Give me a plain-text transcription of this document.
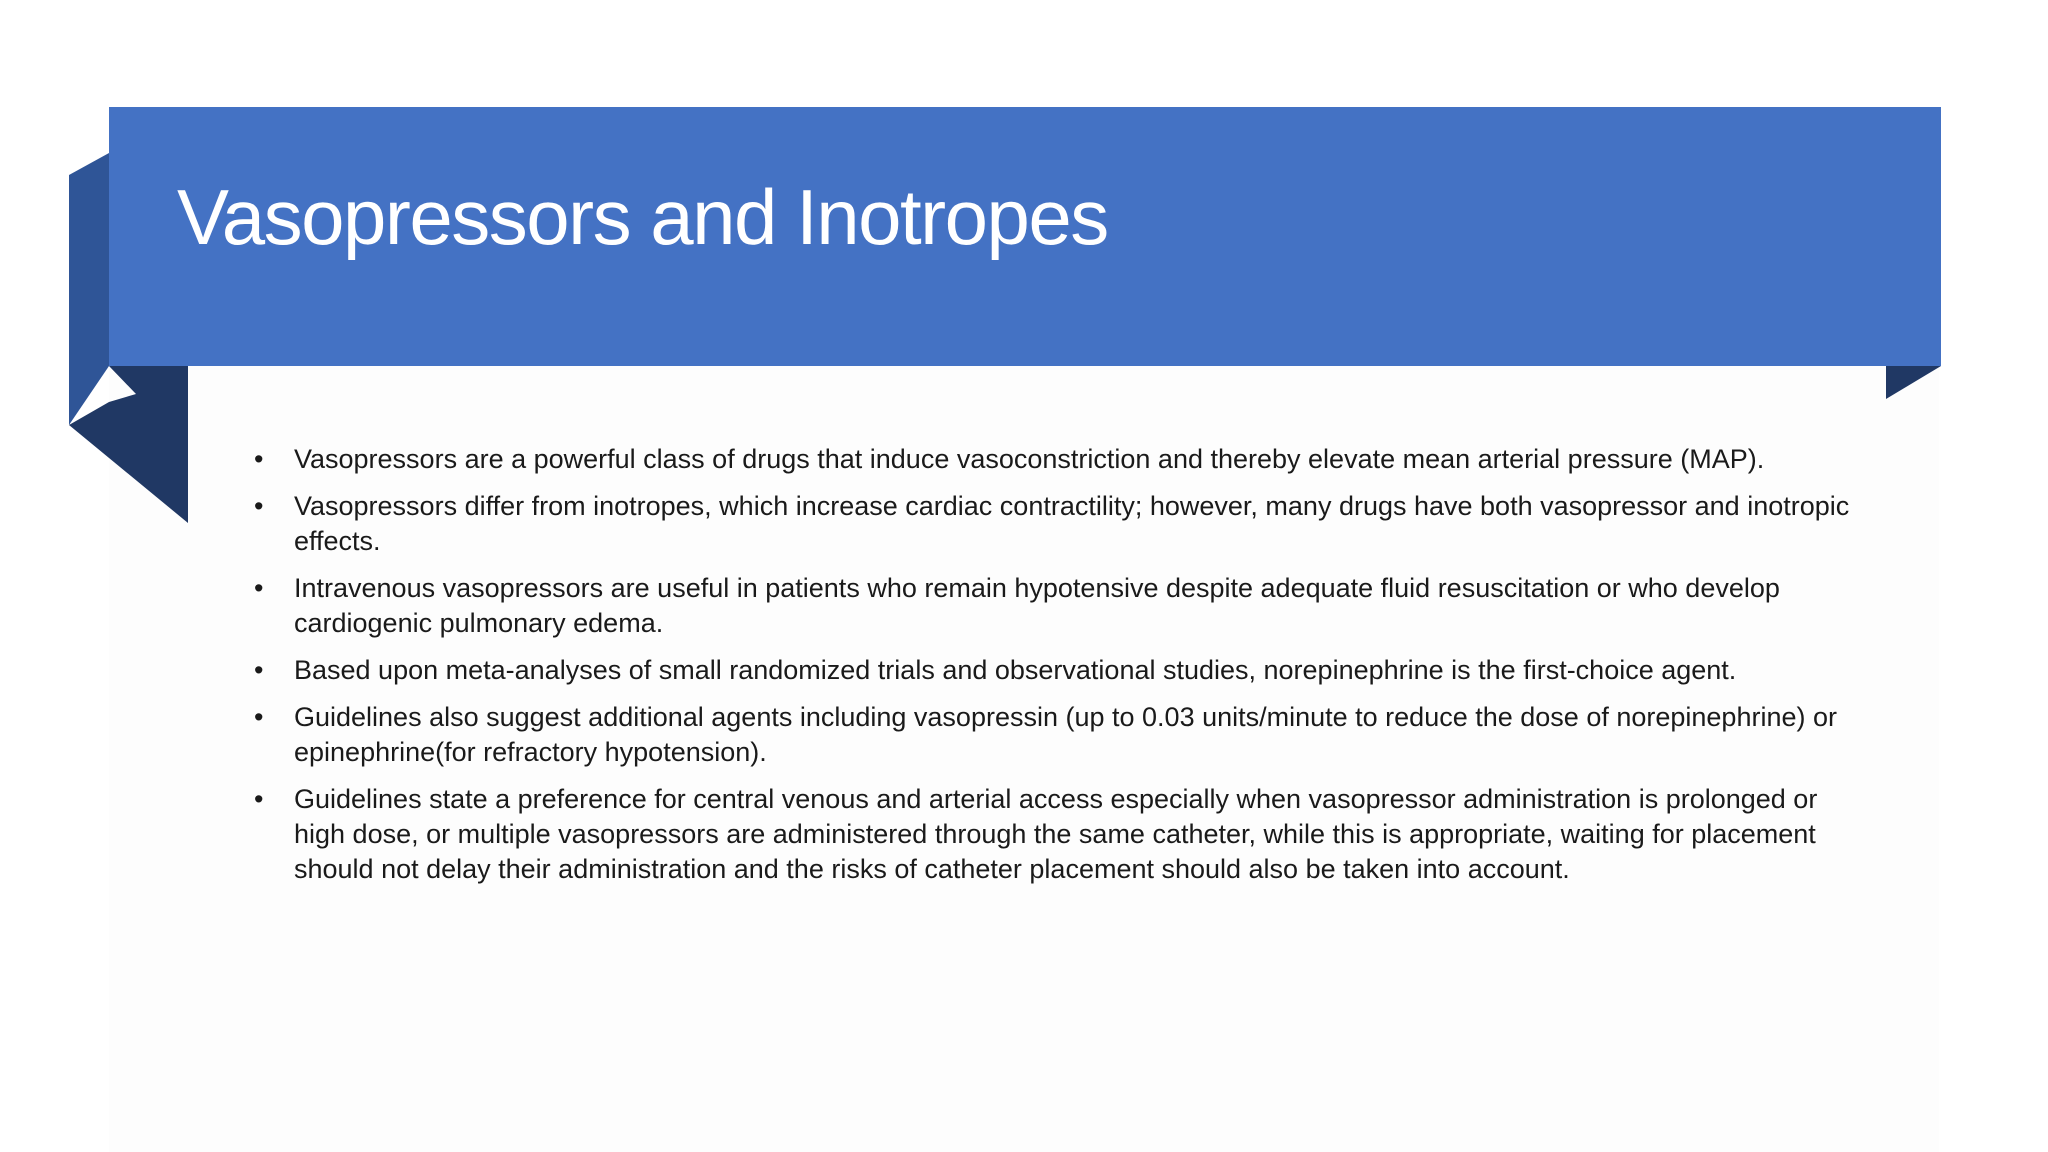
Vasopressors and Inotropes
• Vasopressors are a powerful class of drugs that induce vasoconstriction and thereby elevate mean arterial pressure (MAP).
• Vasopressors differ from inotropes, which increase cardiac contractility; however, many drugs have both vasopressor and inotropic effects.
• Intravenous vasopressors are useful in patients who remain hypotensive despite adequate fluid resuscitation or who develop cardiogenic pulmonary edema.
• Based upon meta-analyses of small randomized trials and observational studies, norepinephrine is the first-choice agent.
• Guidelines also suggest additional agents including vasopressin (up to 0.03 units/minute to reduce the dose of norepinephrine) or epinephrine(for refractory hypotension).
• Guidelines state a preference for central venous and arterial access especially when vasopressor administration is prolonged or high dose, or multiple vasopressors are administered through the same catheter, while this is appropriate, waiting for placement should not delay their administration and the risks of catheter placement should also be taken into account.
